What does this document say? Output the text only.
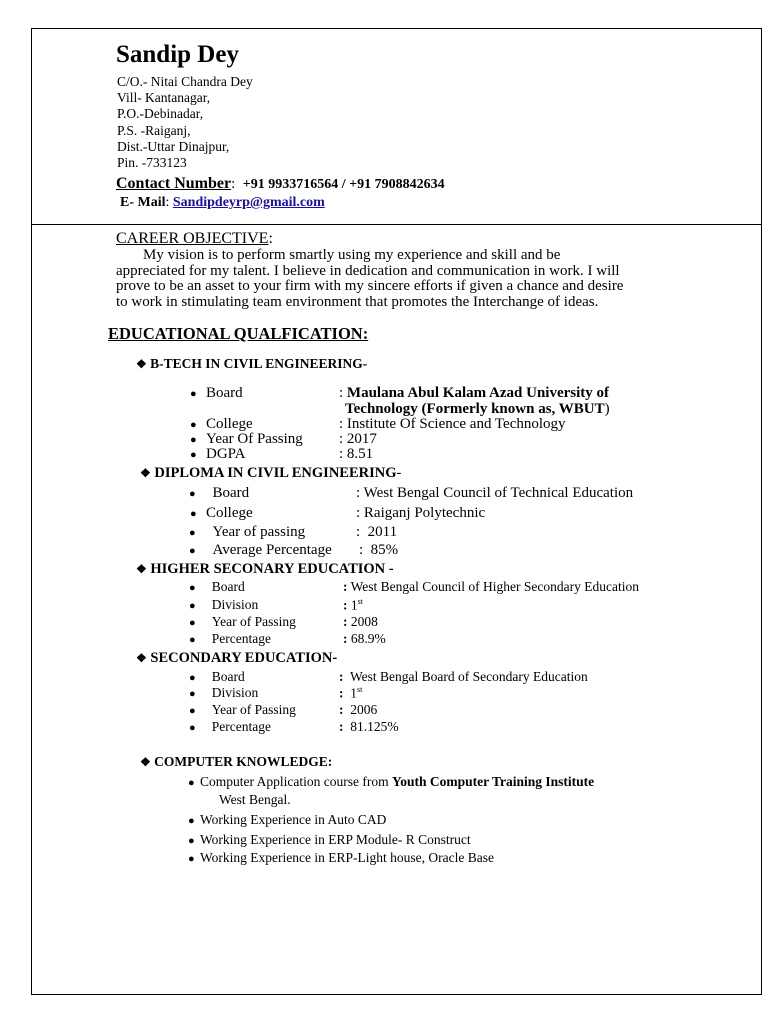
Sandip Dey
C/O.- Nitai Chandra Dey
Vill- Kantanagar,
P.O.-Debinadar,
P.S. -Raiganj,
Dist.-Uttar Dinajpur,
Pin. -733123
Contact Number: +91 9933716564 / +91 7908842634
E- Mail: Sandipdeyrp@gmail.com
CAREER OBJECTIVE:
My vision is to perform smartly using my experience and skill and be
appreciated for my talent. I believe in dedication and communication in work. I will
prove to be an asset to your firm with my sincere efforts if given a chance and desire
to work in stimulating team environment that promotes the Interchange of ideas.
EDUCATIONAL QUALFICATION:
❖ B-TECH IN CIVIL ENGINEERING-
● Board	: Maulana Abul Kalam Azad University of
Technology (Formerly known as, WBUT)
● College	: Institute Of Science and Technology
● Year Of Passing : 2017
● DGPA	: 8.51
❖ DIPLOMA IN CIVIL ENGINEERING-
● Board	: West Bengal Council of Technical Education
● College	: Raiganj Polytechnic
● Year of passing	:  2011
● Average Percentage :  85%
❖ HIGHER SECONARY EDUCATION -
● Board	: West Bengal Council of Higher Secondary Education
● Division	: 1st
● Year of Passing	: 2008
● Percentage	: 68.9%
❖ SECONDARY EDUCATION-
● Board	: West Bengal Board of Secondary Education
● Division	: 1st
● Year of Passing	: 2006
● Percentage	: 81.125%
❖ COMPUTER KNOWLEDGE:
● Computer Application course from Youth Computer Training Institute
West Bengal.
● Working Experience in Auto CAD
● Working Experience in ERP Module- R Construct
● Working Experience in ERP-Light house, Oracle Base
